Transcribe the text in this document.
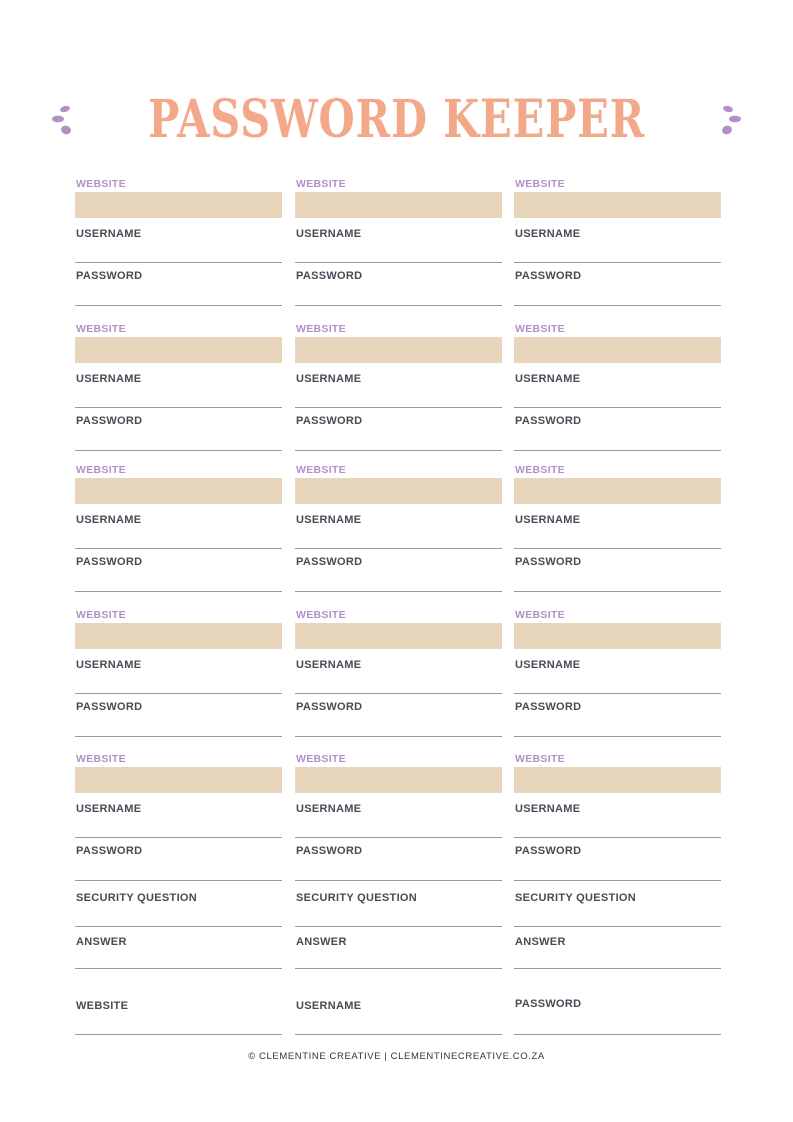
PASSWORD KEEPER
WEBSITE
USERNAME
PASSWORD
WEBSITE
USERNAME
PASSWORD
WEBSITE
USERNAME
PASSWORD
WEBSITE
USERNAME
PASSWORD
WEBSITE
USERNAME
PASSWORD
SECURITY QUESTION
ANSWER
WEBSITE
WEBSITE
USERNAME
PASSWORD
WEBSITE
USERNAME
PASSWORD
WEBSITE
USERNAME
PASSWORD
WEBSITE
USERNAME
PASSWORD
WEBSITE
USERNAME
PASSWORD
SECURITY QUESTION
ANSWER
USERNAME
WEBSITE
USERNAME
PASSWORD
WEBSITE
USERNAME
PASSWORD
WEBSITE
USERNAME
PASSWORD
WEBSITE
USERNAME
PASSWORD
WEBSITE
USERNAME
PASSWORD
SECURITY QUESTION
ANSWER
PASSWORD
© CLEMENTINE CREATIVE | CLEMENTINECREATIVE.CO.ZA
